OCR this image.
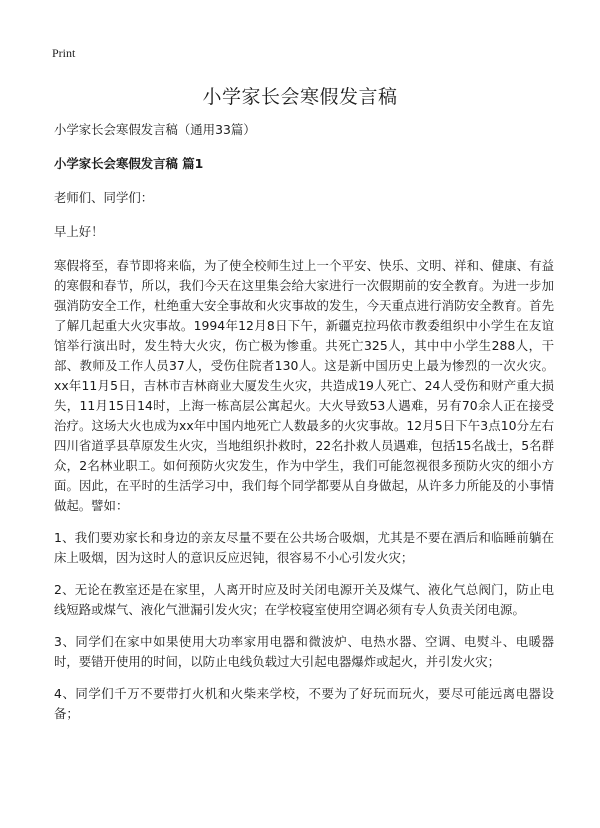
Print
小学家长会寒假发言稿

小学家长会寒假发言稿（通用33篇）

小学家长会寒假发言稿 篇1

老师们、同学们：

早上好！

寒假将至，春节即将来临，为了使全校师生过上一个平安、快乐、文明、祥和、健康、有益的寒假和春节，所以，我们今天在这里集会给大家进行一次假期前的安全教育。为进一步加强消防安全工作，杜绝重大安全事故和火灾事故的发生，今天重点进行消防安全教育。首先了解几起重大火灾事故。1994年12月8日下午，新疆克拉玛依市教委组织中小学生在友谊馆举行演出时，发生特大火灾，伤亡极为惨重。共死亡325人，其中中小学生288人，干部、教师及工作人员37人，受伤住院者130人。这是新中国历史上最为惨烈的一次火灾。xx年11月5日，吉林市吉林商业大厦发生火灾，共造成19人死亡、24人受伤和财产重大损失，11月15日14时，上海一栋高层公寓起火。大火导致53人遇难，另有70余人正在接受治疗。这场大火也成为xx年中国内地死亡人数最多的火灾事故。12月5日下午3点10分左右四川省道孚县草原发生火灾，当地组织扑救时，22名扑救人员遇难，包括15名战士，5名群众，2名林业职工。如何预防火灾发生，作为中学生，我们可能忽视很多预防火灾的细小方面。因此，在平时的生活学习中，我们每个同学都要从自身做起，从许多力所能及的小事情做起。譬如：

1、我们要劝家长和身边的亲友尽量不要在公共场合吸烟，尤其是不要在酒后和临睡前躺在床上吸烟，因为这时人的意识反应迟钝，很容易不小心引发火灾；

2、无论在教室还是在家里，人离开时应及时关闭电源开关及煤气、液化气总阀门，防止电线短路或煤气、液化气泄漏引发火灾；在学校寝室使用空调必须有专人负责关闭电源。

3、同学们在家中如果使用大功率家用电器和微波炉、电热水器、空调、电熨斗、电暖器时，要错开使用的时间，以防止电线负载过大引起电器爆炸或起火，并引发火灾；

4、同学们千万不要带打火机和火柴来学校，不要为了好玩而玩火，要尽可能远离电器设备；
